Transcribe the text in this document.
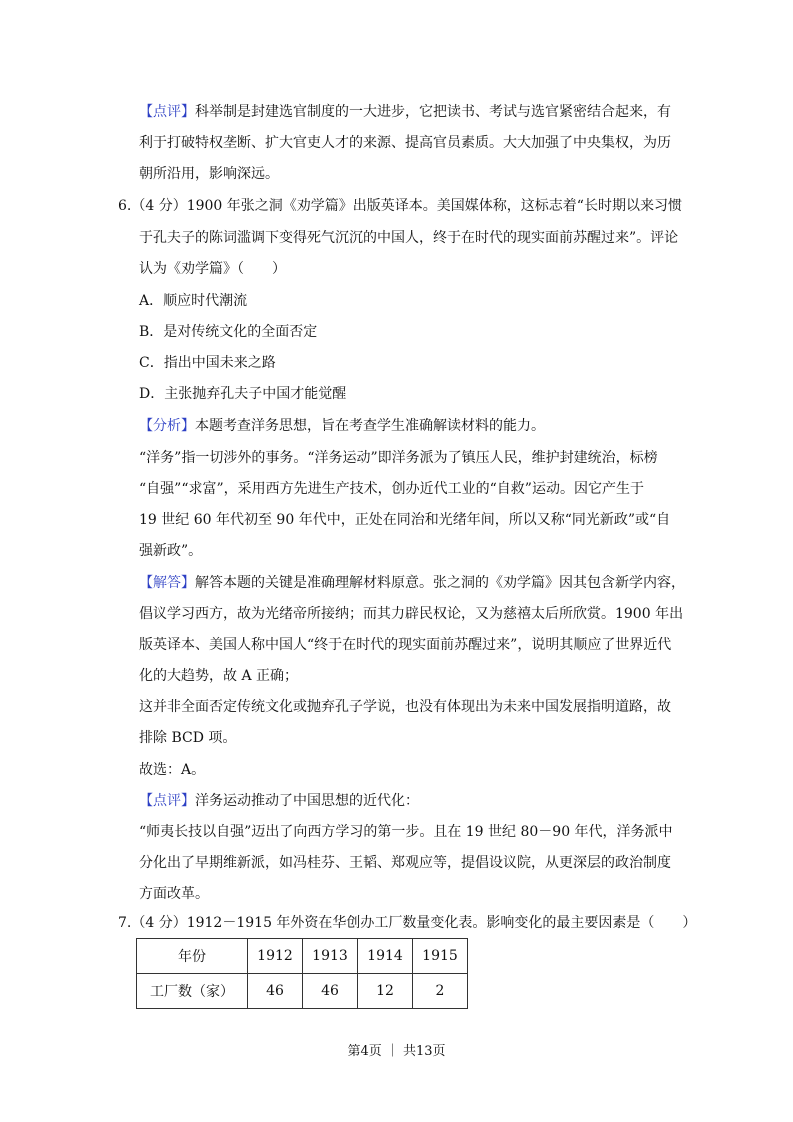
【点评】科举制是封建选官制度的一大进步，它把读书、考试与选官紧密结合起来，有
利于打破特权垄断、扩大官吏人才的来源、提高官员素质。大大加强了中央集权，为历
朝所沿用，影响深远。
6.（4 分）1900 年张之洞《劝学篇》出版英译本。美国媒体称，这标志着“长时期以来习惯
于孔夫子的陈词滥调下变得死气沉沉的中国人，终于在时代的现实面前苏醒过来”。评论
认为《劝学篇》（　　）
A．顺应时代潮流
B．是对传统文化的全面否定
C．指出中国未来之路
D．主张抛弃孔夫子中国才能觉醒
【分析】本题考查洋务思想，旨在考查学生准确解读材料的能力。
“洋务”指一切涉外的事务。“洋务运动”即洋务派为了镇压人民，维护封建统治，标榜
“自强”“求富”，采用西方先进生产技术，创办近代工业的“自救”运动。因它产生于
19 世纪 60 年代初至 90 年代中，正处在同治和光绪年间，所以又称“同光新政”或“自
强新政”。
【解答】解答本题的关键是准确理解材料原意。张之洞的《劝学篇》因其包含新学内容，
倡议学习西方，故为光绪帝所接纳；而其力辟民权论，又为慈禧太后所欣赏。1900 年出
版英译本、美国人称中国人“终于在时代的现实面前苏醒过来”，说明其顺应了世界近代
化的大趋势，故 A 正确；
这并非全面否定传统文化或抛弃孔子学说，也没有体现出为未来中国发展指明道路，故
排除 BCD 项。
故选：A。
【点评】洋务运动推动了中国思想的近代化：
“师夷长技以自强”迈出了向西方学习的第一步。且在 19 世纪 80－90 年代，洋务派中
分化出了早期维新派，如冯桂芬、王韬、郑观应等，提倡设议院，从更深层的政治制度
方面改革。
7.（4 分）1912－1915 年外资在华创办工厂数量变化表。影响变化的最主要因素是（　　）
年份	1912	1913	1914	1915
工厂数（家）	46	46	12	2
第4页 ｜ 共13页
